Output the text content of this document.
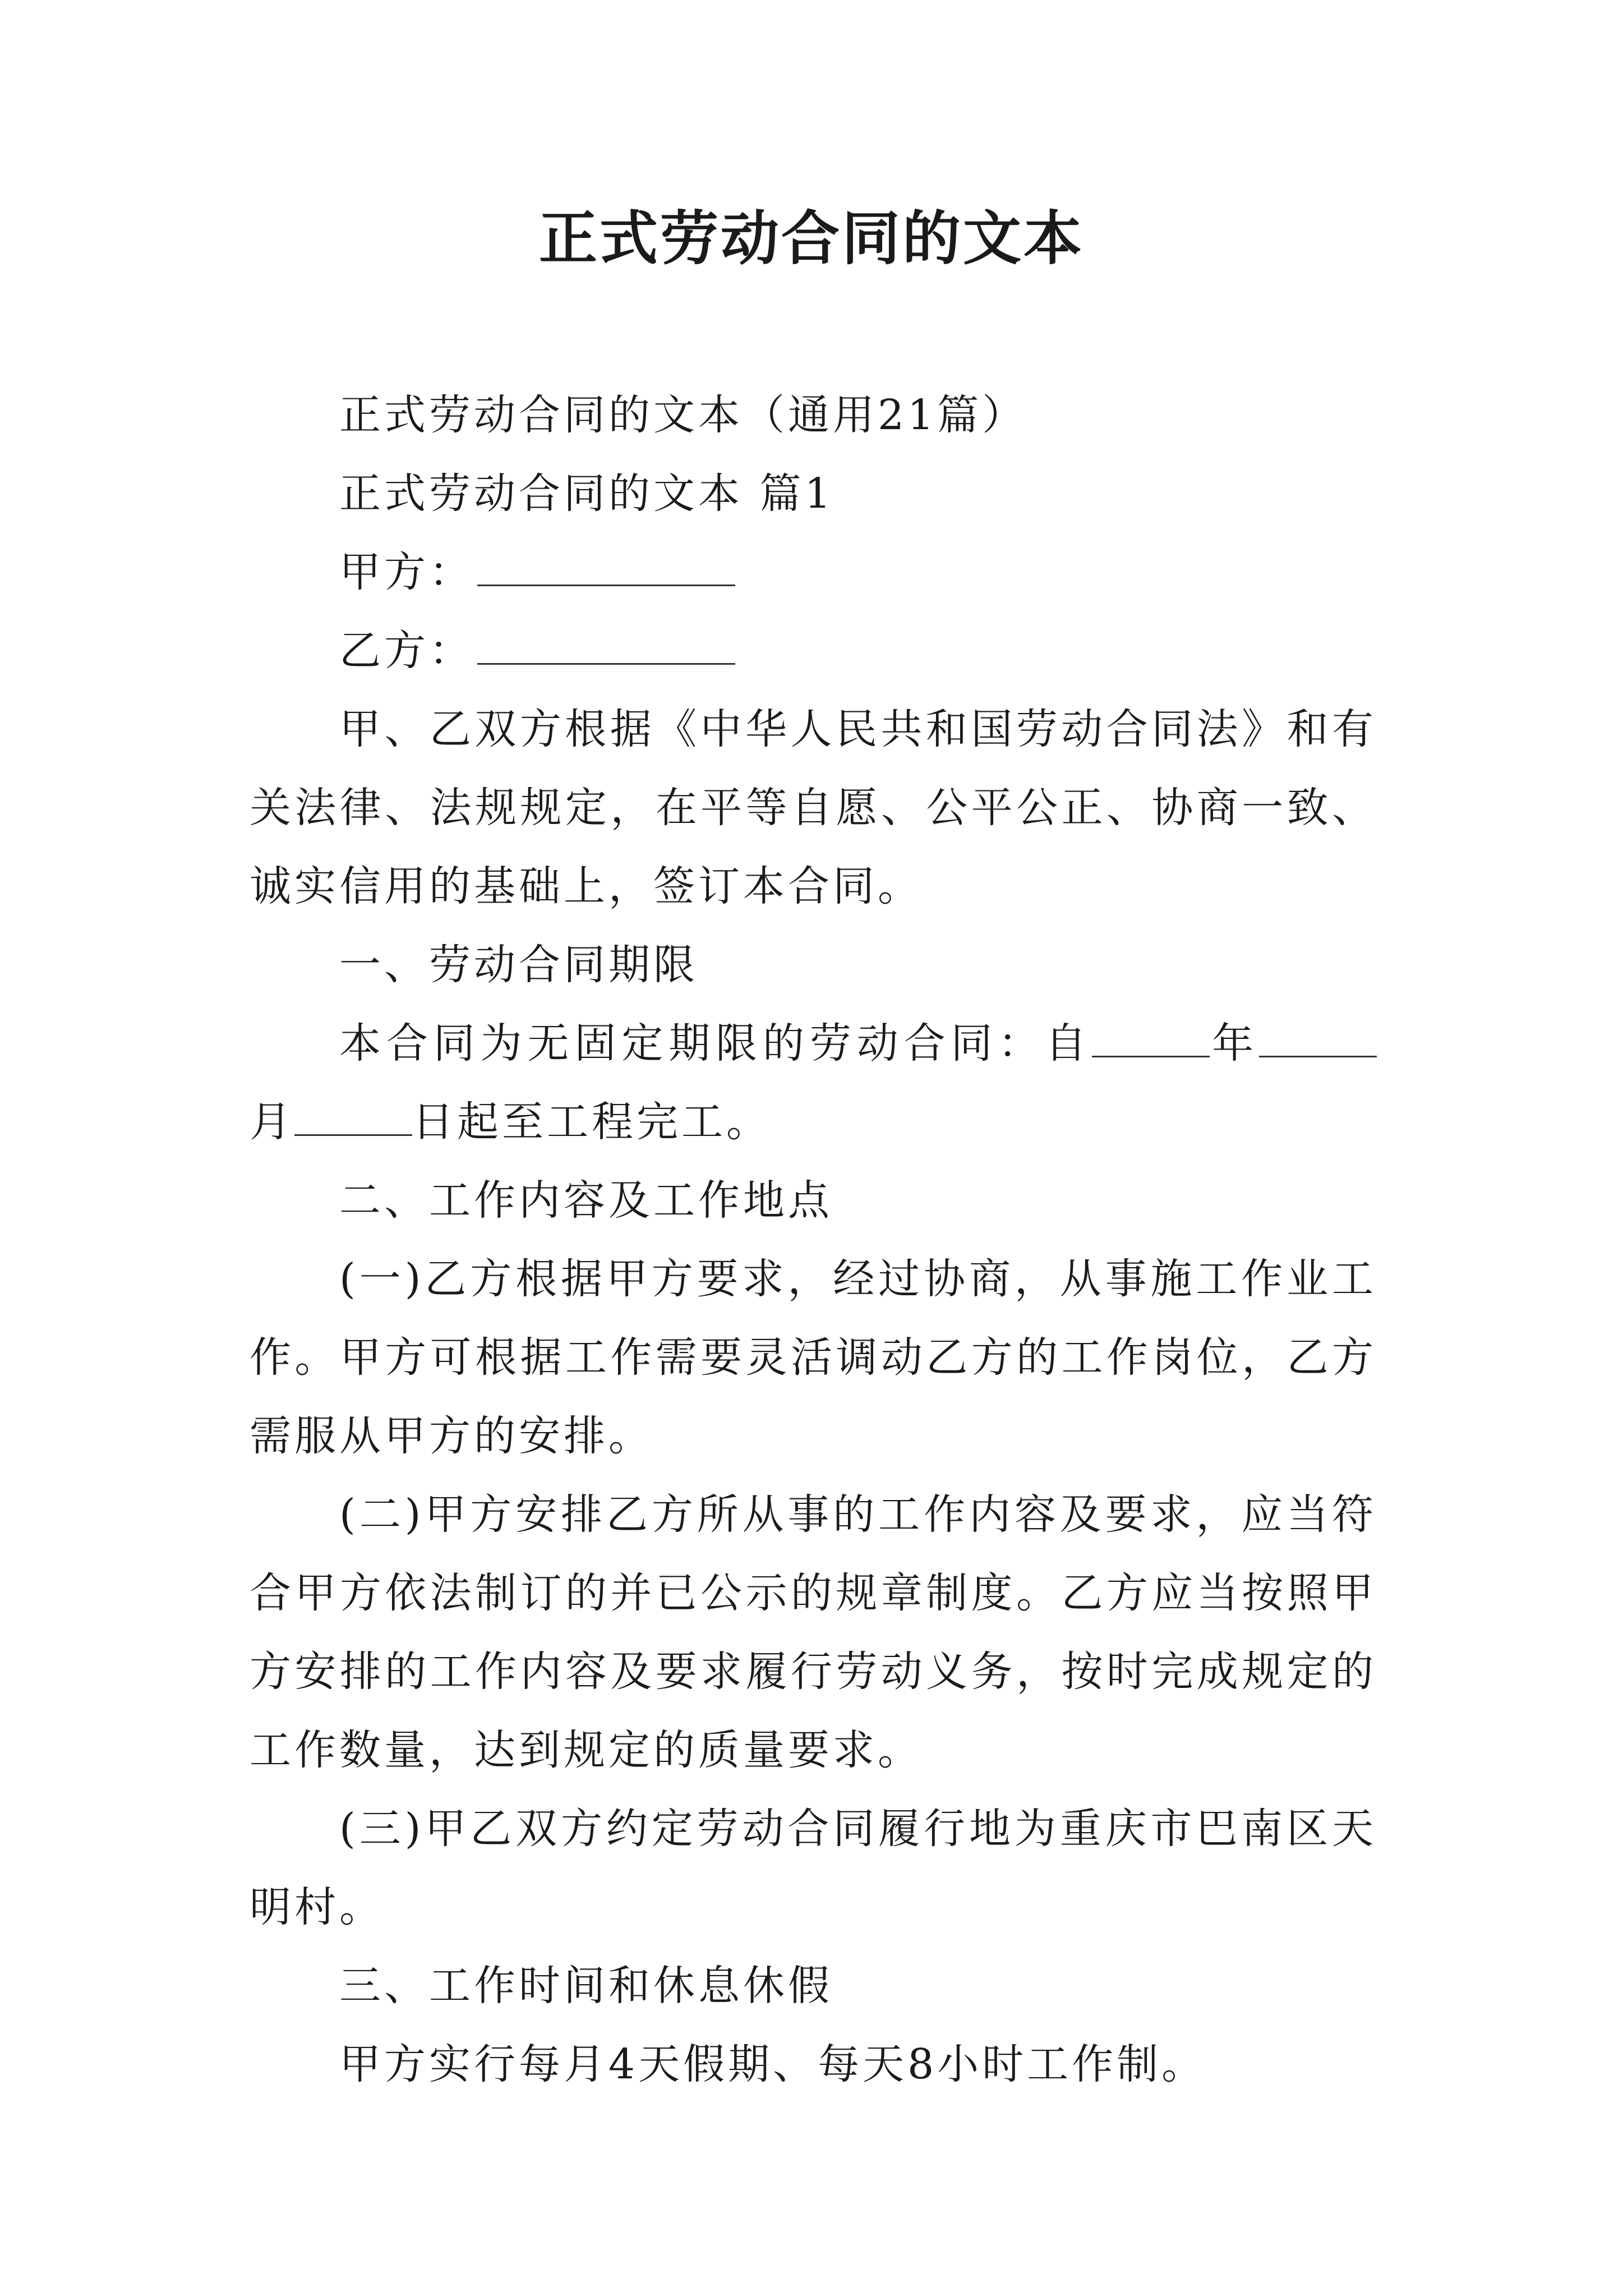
正式劳动合同的文本

正式劳动合同的文本（通用21篇）

正式劳动合同的文本 篇1

甲方：

乙方：

甲、乙双方根据《中华人民共和国劳动合同法》和有关法律、法规规定，在平等自愿、公平公正、协商一致、诚实信用的基础上，签订本合同。

一、劳动合同期限

本合同为无固定期限的劳动合同：自	年月	日起至工程完工。

二、工作内容及工作地点

(一)乙方根据甲方要求，经过协商，从事施工作业工作。甲方可根据工作需要灵活调动乙方的工作岗位，乙方需服从甲方的安排。

(二)甲方安排乙方所从事的工作内容及要求，应当符合甲方依法制订的并已公示的规章制度。乙方应当按照甲方安排的工作内容及要求履行劳动义务，按时完成规定的工作数量，达到规定的质量要求。

(三)甲乙双方约定劳动合同履行地为重庆市巴南区天明村。

三、工作时间和休息休假

甲方实行每月4天假期、每天8小时工作制。
